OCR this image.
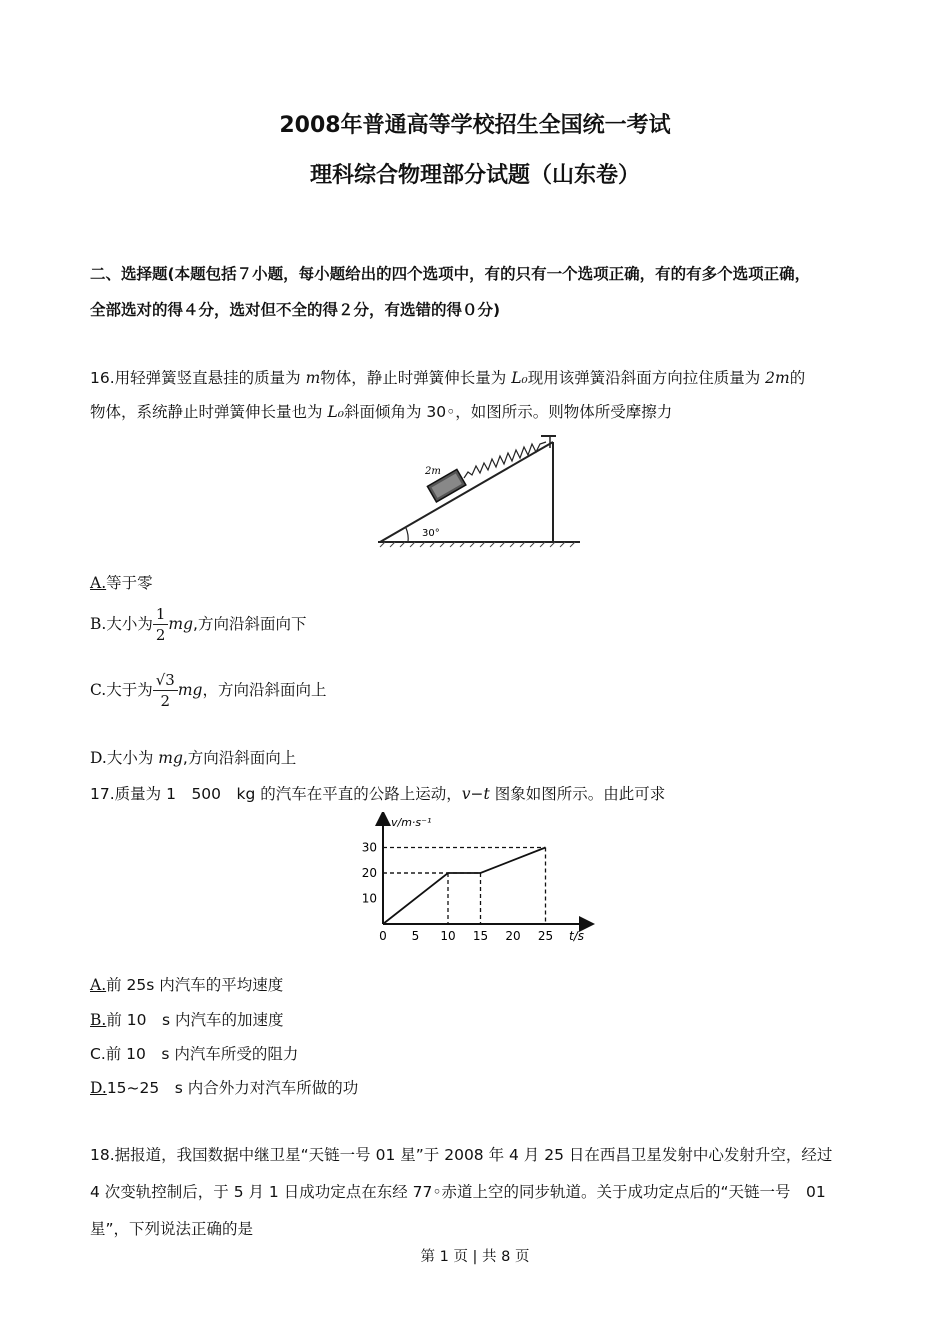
2008年普通高等学校招生全国统一考试
理科综合物理部分试题（山东卷）
二、选择题(本题包括７小题，每小题给出的四个选项中，有的只有一个选项正确，有的有多个选项正确，
全部选对的得４分，选对但不全的得２分，有选错的得０分)
16.用轻弹簧竖直悬挂的质量为 m物体，静止时弹簧伸长量为 L₀现用该弹簧沿斜面方向拉住质量为 2m的
物体，系统静止时弹簧伸长量也为 L₀斜面倾角为 30◦，如图所示。则物体所受摩擦力
2m
30°
A.等于零
B.大小为 $\frac{1}{2}$ mg,方向沿斜面向下
C.大于为 $\frac{√3}{2}$ mg，方向沿斜面向上
D.大小为 mg,方向沿斜面向上
17.质量为 1　500　kg 的汽车在平直的公路上运动，v−t 图象如图所示。由此可求
v/m·s⁻¹
t/s
0 5 10 15 20 25
10
20
30
A.前 25s 内汽车的平均速度
B.前 10　s 内汽车的加速度
C.前 10　s 内汽车所受的阻力
D.15~25　s 内合外力对汽车所做的功
18.据报道，我国数据中继卫星“天链一号 01 星”于 2008 年 4 月 25 日在西昌卫星发射中心发射升空，经过
4 次变轨控制后，于 5 月 1 日成功定点在东经 77◦赤道上空的同步轨道。关于成功定点后的“天链一号　01
星”，下列说法正确的是
第 1 页 | 共 8 页
